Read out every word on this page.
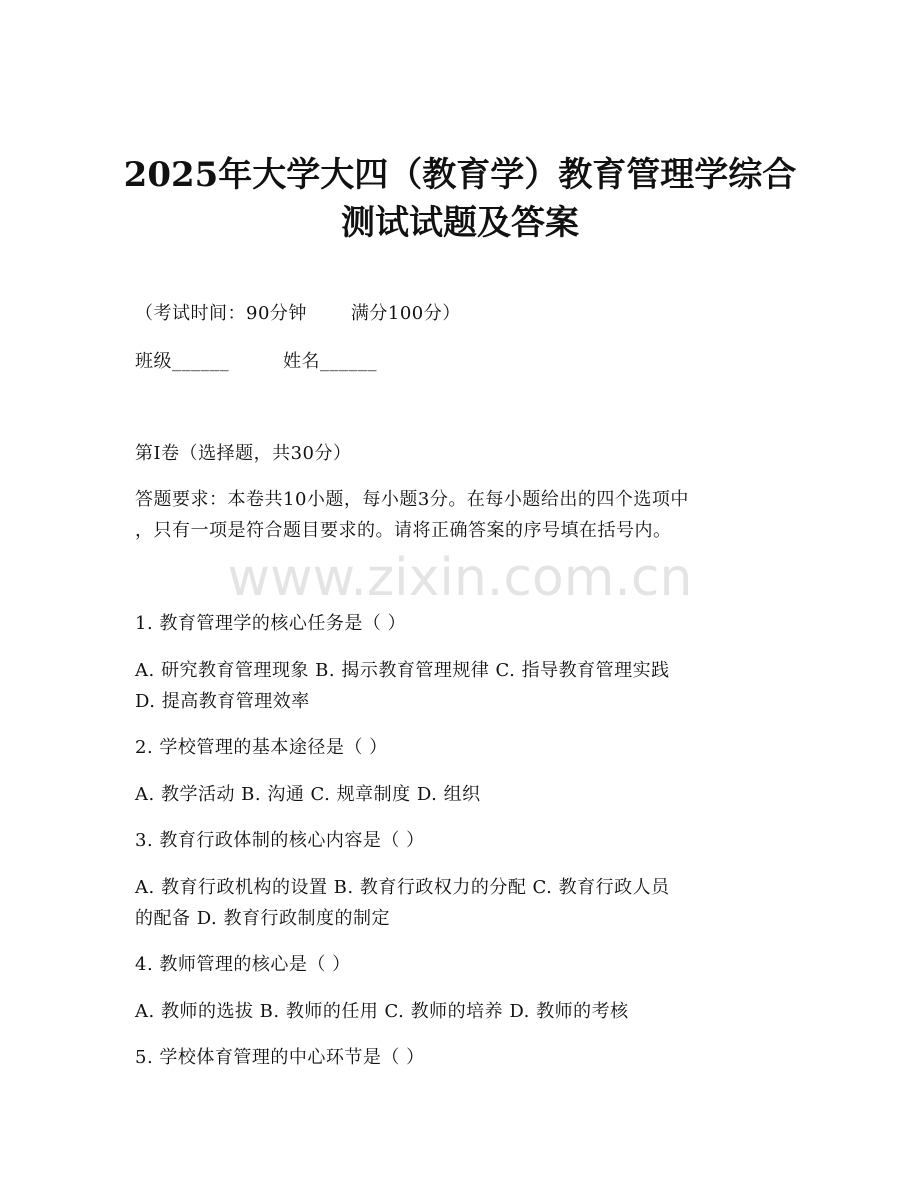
2025年大学大四（教育学）教育管理学综合
测试试题及答案
（考试时间：90分钟 满分100分）
班级______	姓名______
第I卷（选择题，共30分）
答题要求：本卷共10小题，每小题3分。在每小题给出的四个选项中
，只有一项是符合题目要求的。请将正确答案的序号填在括号内。
www.zixin.com.cn
1. 教育管理学的核心任务是（ ）
A. 研究教育管理现象 B. 揭示教育管理规律 C. 指导教育管理实践
D. 提高教育管理效率
2. 学校管理的基本途径是（ ）
A. 教学活动 B. 沟通 C. 规章制度 D. 组织
3. 教育行政体制的核心内容是（ ）
A. 教育行政机构的设置 B. 教育行政权力的分配 C. 教育行政人员
的配备 D. 教育行政制度的制定
4. 教师管理的核心是（ ）
A. 教师的选拔 B. 教师的任用 C. 教师的培养 D. 教师的考核
5. 学校体育管理的中心环节是（ ）
